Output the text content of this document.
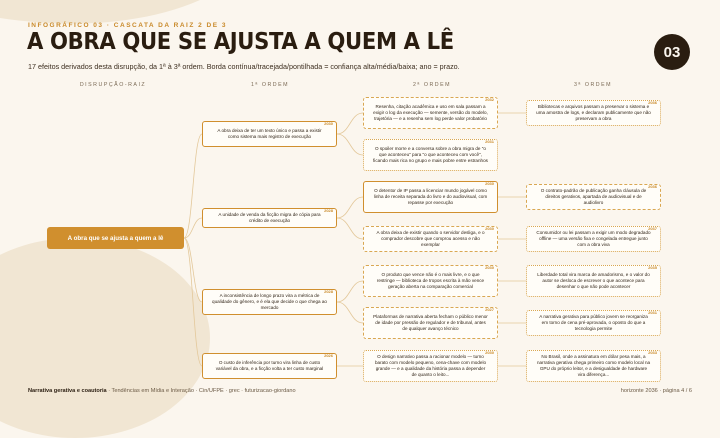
INFOGRÁFICO 03 · CASCATA DA RAIZ 2 DE 3
A OBRA QUE SE AJUSTA A QUEM A LÊ
17 efeitos derivados desta disrupção, da 1ª à 3ª ordem. Borda contínua/tracejada/pontilhada = confiança alta/média/baixa; ano = prazo.
03
DISRUPÇÃO-RAIZ	1ª ORDEM	2ª ORDEM	3ª ORDEM
A obra que se ajusta a quem a lê
A obra deixa de ter um texto único e passa a existir como sistema mais registro de execução
2030
A unidade de venda da ficção migra de cópia para crédito de execução
2028
A inconsistência de longo prazo vira a métrica de qualidade do gênero, e é ela que decide o que chega ao mercado
2028
O custo de inferência por turno vira linha de custo variável da obra, e a ficção volta a ter custo marginal
2026
Resenha, citação acadêmica e uso em sala passam a exigir o log da execução — semente, versão do modelo, trajetória — e a resenha sem log perde valor probatório
2032
O spoiler morre e a conversa sobre a obra migra de "o que aconteceu" para "o que aconteceu com você", ficando mais rica no grupo e mais pobre entre estranhos
2031
O detentor de IP passa a licenciar mundo jogável como linha de receita separada do livro e do audiovisual, com repasse por execução
2030
A obra deixa de existir quando o servidor desliga, e o comprador descobre que comprou acesso e não exemplar
2030
O produto que vence não é o mais livre, e o que restringe — biblioteca de tropos escrita à mão vence geração aberta na comparação comercial
2030
Plataformas de narrativa aberta fecham o público menor de idade por pressão de regulador e de tribunal, antes de qualquer avanço técnico
2027
O design narrativo passa a racionar modelo — turno barato com modelo pequeno, cena-chave com modelo grande — e a qualidade da história passa a depender de quanto o leito...
2030
Bibliotecas e arquivos passam a preservar o sistema e uma amostra de logs, e declaram publicamente que não preservam a obra
2036
O contrato-padrão de publicação ganha cláusula de direitos gerativos, apartada de audiovisual e de audiolivro
2036
Consumidor ou lei passam a exigir um modo degradado offline — uma versão fixa e congelada entregue junto com a obra viva
2037
Liberdade total vira marca de amadorismo, e o valor do autor se desloca de escrever o que acontece para desenhar o que não pode acontecer
2035
A narrativa gerativa para público jovem se reorganiza em torno de cena pré-aprovada, o oposto do que a tecnologia permite
2031
No Brasil, onde a assinatura em dólar pesa mais, a narrativa gerativa chega primeiro como modelo local na GPU do próprio leitor, e a desigualdade de hardware vira diferença...
2033
Narrativa gerativa e coautoria · Tendências em Mídia e Interação · Cin/UFPE · grec · futurizacao-giordano	horizonte 2036 · página 4 / 6
